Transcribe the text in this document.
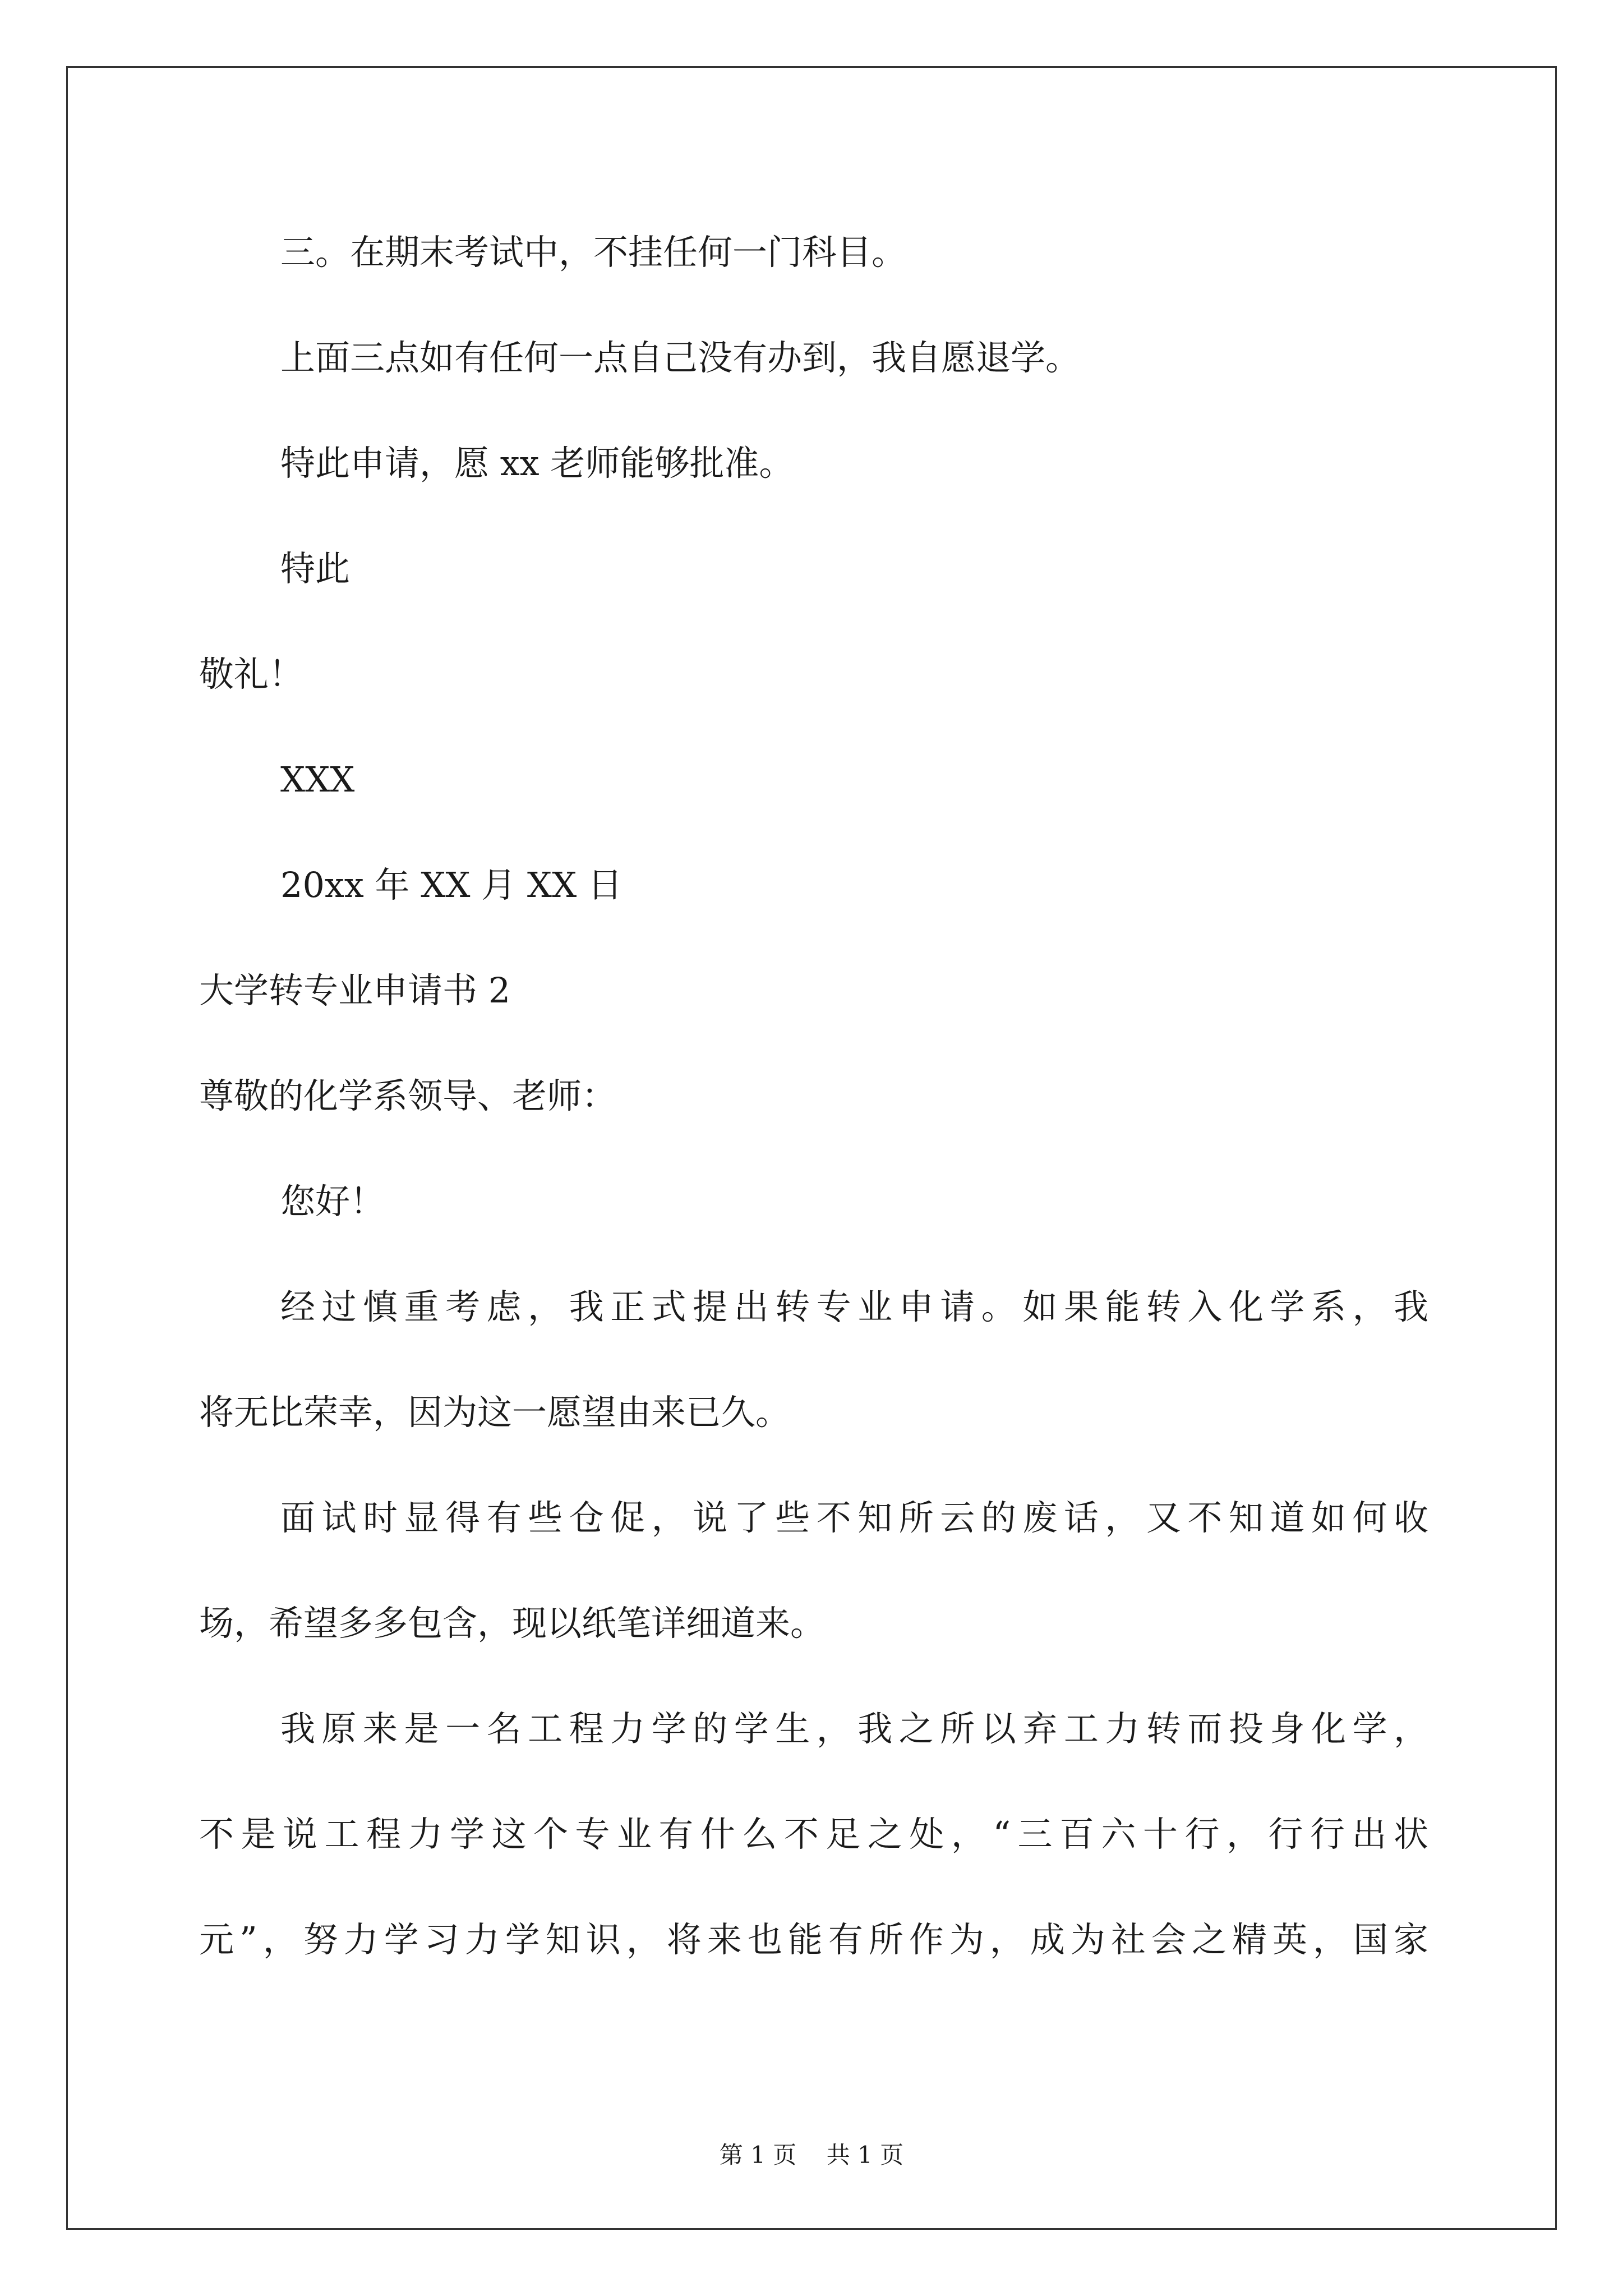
三。在期末考试中，不挂任何一门科目。

上面三点如有任何一点自己没有办到，我自愿退学。

特此申请，愿 xx 老师能够批准。

特此

敬礼！

XXX

20xx 年 XX 月 XX 日

大学转专业申请书 2

尊敬的化学系领导、老师：

您好！

经过慎重考虑，我正式提出转专业申请。如果能转入化学系，我

将无比荣幸，因为这一愿望由来已久。

面试时显得有些仓促，说了些不知所云的废话，又不知道如何收

场，希望多多包含，现以纸笔详细道来。

我原来是一名工程力学的学生，我之所以弃工力转而投身化学，

不是说工程力学这个专业有什么不足之处，“三百六十行，行行出状

元”，努力学习力学知识，将来也能有所作为，成为社会之精英，国家

第 1 页    共 1 页
